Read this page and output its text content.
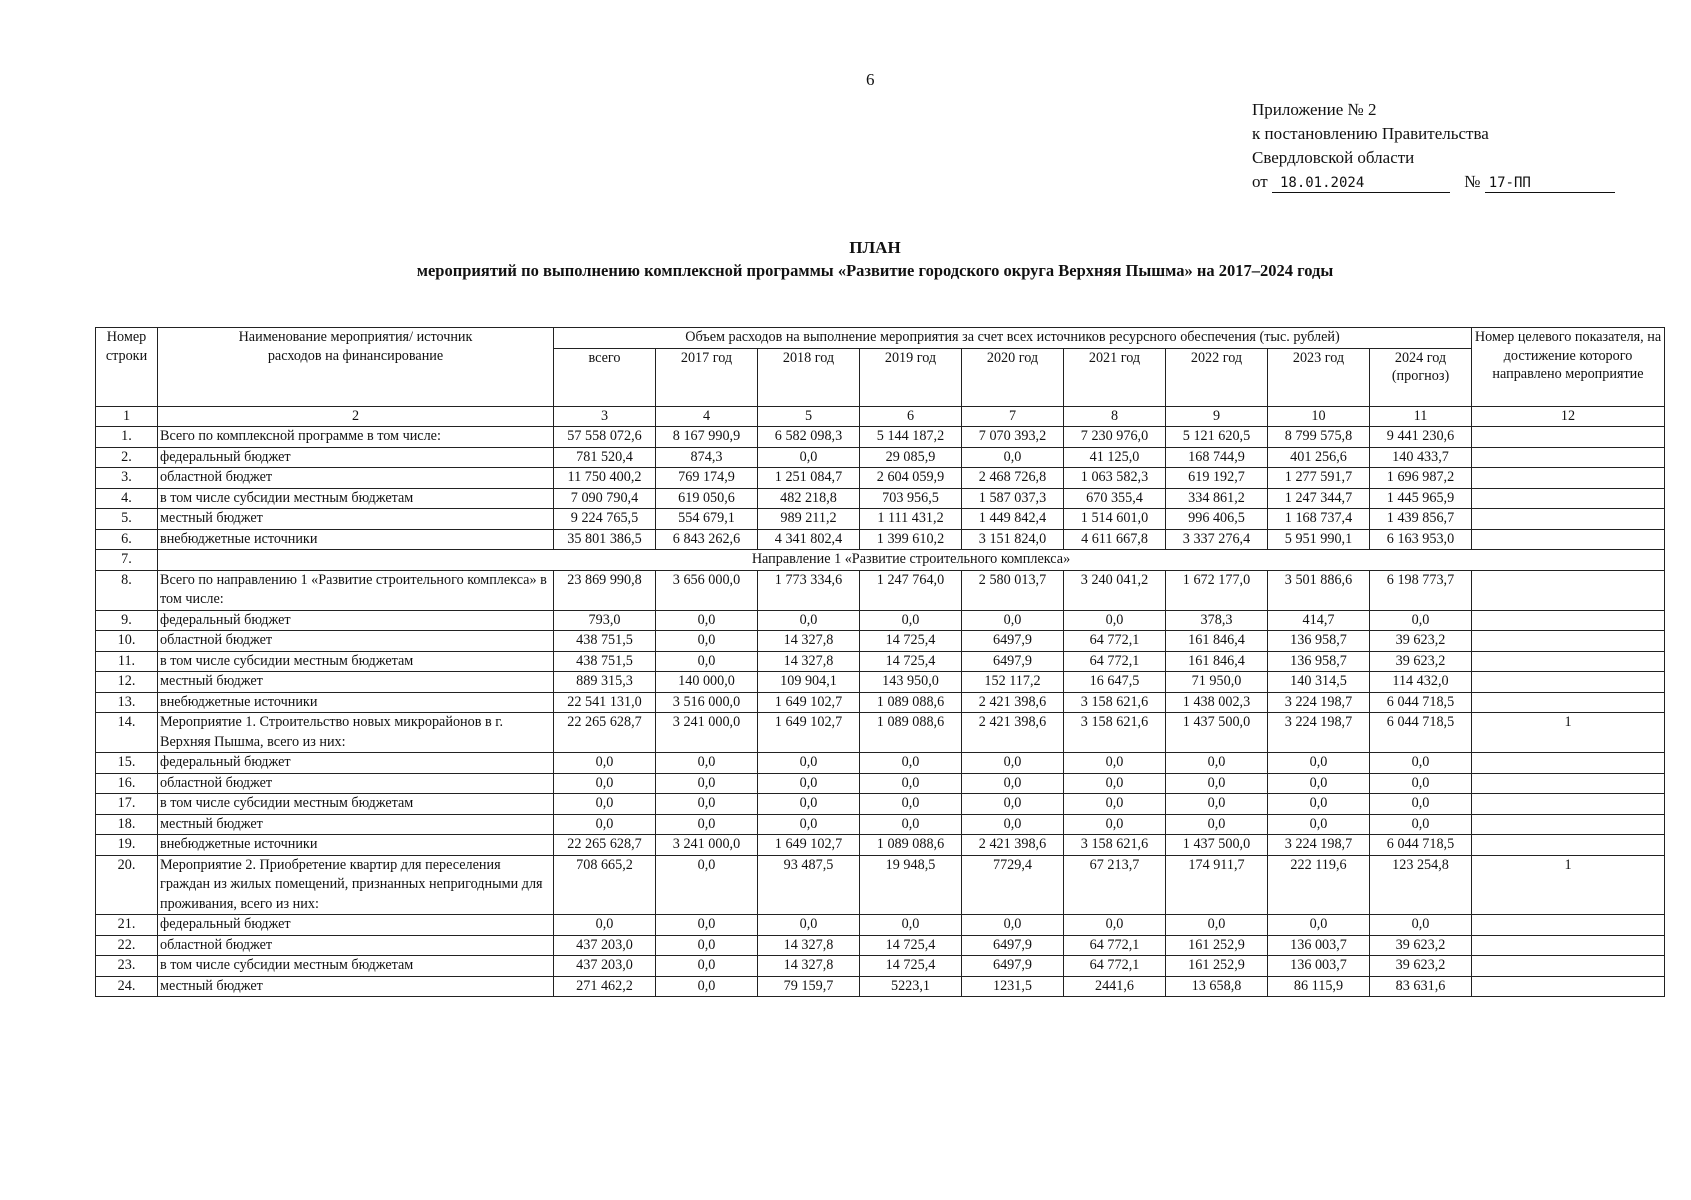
6
Приложение № 2
к постановлению Правительства
Свердловской области
от 18.01.2024	№ 17-ПП
ПЛАН
мероприятий по выполнению комплексной программы «Развитие городского округа Верхняя Пышма» на 2017–2024 годы
Номер строки	Наименование мероприятия/ источник расходов на финансирование	Объем расходов на выполнение мероприятия за счет всех источников ресурсного обеспечения (тыс. рублей)									Номер целевого показателя, на достижение которого направлено мероприятие
		всего	2017 год	2018 год	2019 год	2020 год	2021 год	2022 год	2023 год	2024 год (прогноз)	
1	2	3	4	5	6	7	8	9	10	11	12
1.	Всего по комплексной программе в том числе:	57 558 072,6	8 167 990,9	6 582 098,3	5 144 187,2	7 070 393,2	7 230 976,0	5 121 620,5	8 799 575,8	9 441 230,6	
2.	федеральный бюджет	781 520,4	874,3	0,0	29 085,9	0,0	41 125,0	168 744,9	401 256,6	140 433,7	
3.	областной бюджет	11 750 400,2	769 174,9	1 251 084,7	2 604 059,9	2 468 726,8	1 063 582,3	619 192,7	1 277 591,7	1 696 987,2	
4.	в том числе субсидии местным бюджетам	7 090 790,4	619 050,6	482 218,8	703 956,5	1 587 037,3	670 355,4	334 861,2	1 247 344,7	1 445 965,9	
5.	местный бюджет	9 224 765,5	554 679,1	989 211,2	1 111 431,2	1 449 842,4	1 514 601,0	996 406,5	1 168 737,4	1 439 856,7	
6.	внебюджетные источники	35 801 386,5	6 843 262,6	4 341 802,4	1 399 610,2	3 151 824,0	4 611 667,8	3 337 276,4	5 951 990,1	6 163 953,0	
7.	Направление 1 «Развитие строительного комплекса»										
8.	Всего по направлению 1 «Развитие строительного комплекса» в том числе:	23 869 990,8	3 656 000,0	1 773 334,6	1 247 764,0	2 580 013,7	3 240 041,2	1 672 177,0	3 501 886,6	6 198 773,7	
9.	федеральный бюджет	793,0	0,0	0,0	0,0	0,0	0,0	378,3	414,7	0,0	
10.	областной бюджет	438 751,5	0,0	14 327,8	14 725,4	6497,9	64 772,1	161 846,4	136 958,7	39 623,2	
11.	в том числе субсидии местным бюджетам	438 751,5	0,0	14 327,8	14 725,4	6497,9	64 772,1	161 846,4	136 958,7	39 623,2	
12.	местный бюджет	889 315,3	140 000,0	109 904,1	143 950,0	152 117,2	16 647,5	71 950,0	140 314,5	114 432,0	
13.	внебюджетные источники	22 541 131,0	3 516 000,0	1 649 102,7	1 089 088,6	2 421 398,6	3 158 621,6	1 438 002,3	3 224 198,7	6 044 718,5	
14.	Мероприятие 1. Строительство новых микрорайонов в г. Верхняя Пышма, всего из них:	22 265 628,7	3 241 000,0	1 649 102,7	1 089 088,6	2 421 398,6	3 158 621,6	1 437 500,0	3 224 198,7	6 044 718,5	1
15.	федеральный бюджет	0,0	0,0	0,0	0,0	0,0	0,0	0,0	0,0	0,0	
16.	областной бюджет	0,0	0,0	0,0	0,0	0,0	0,0	0,0	0,0	0,0	
17.	в том числе субсидии местным бюджетам	0,0	0,0	0,0	0,0	0,0	0,0	0,0	0,0	0,0	
18.	местный бюджет	0,0	0,0	0,0	0,0	0,0	0,0	0,0	0,0	0,0	
19.	внебюджетные источники	22 265 628,7	3 241 000,0	1 649 102,7	1 089 088,6	2 421 398,6	3 158 621,6	1 437 500,0	3 224 198,7	6 044 718,5	
20.	Мероприятие 2. Приобретение квартир для переселения граждан из жилых помещений, признанных непригодными для проживания, всего из них:	708 665,2	0,0	93 487,5	19 948,5	7729,4	67 213,7	174 911,7	222 119,6	123 254,8	1
21.	федеральный бюджет	0,0	0,0	0,0	0,0	0,0	0,0	0,0	0,0	0,0	
22.	областной бюджет	437 203,0	0,0	14 327,8	14 725,4	6497,9	64 772,1	161 252,9	136 003,7	39 623,2	
23.	в том числе субсидии местным бюджетам	437 203,0	0,0	14 327,8	14 725,4	6497,9	64 772,1	161 252,9	136 003,7	39 623,2	
24.	местный бюджет	271 462,2	0,0	79 159,7	5223,1	1231,5	2441,6	13 658,8	86 115,9	83 631,6	
